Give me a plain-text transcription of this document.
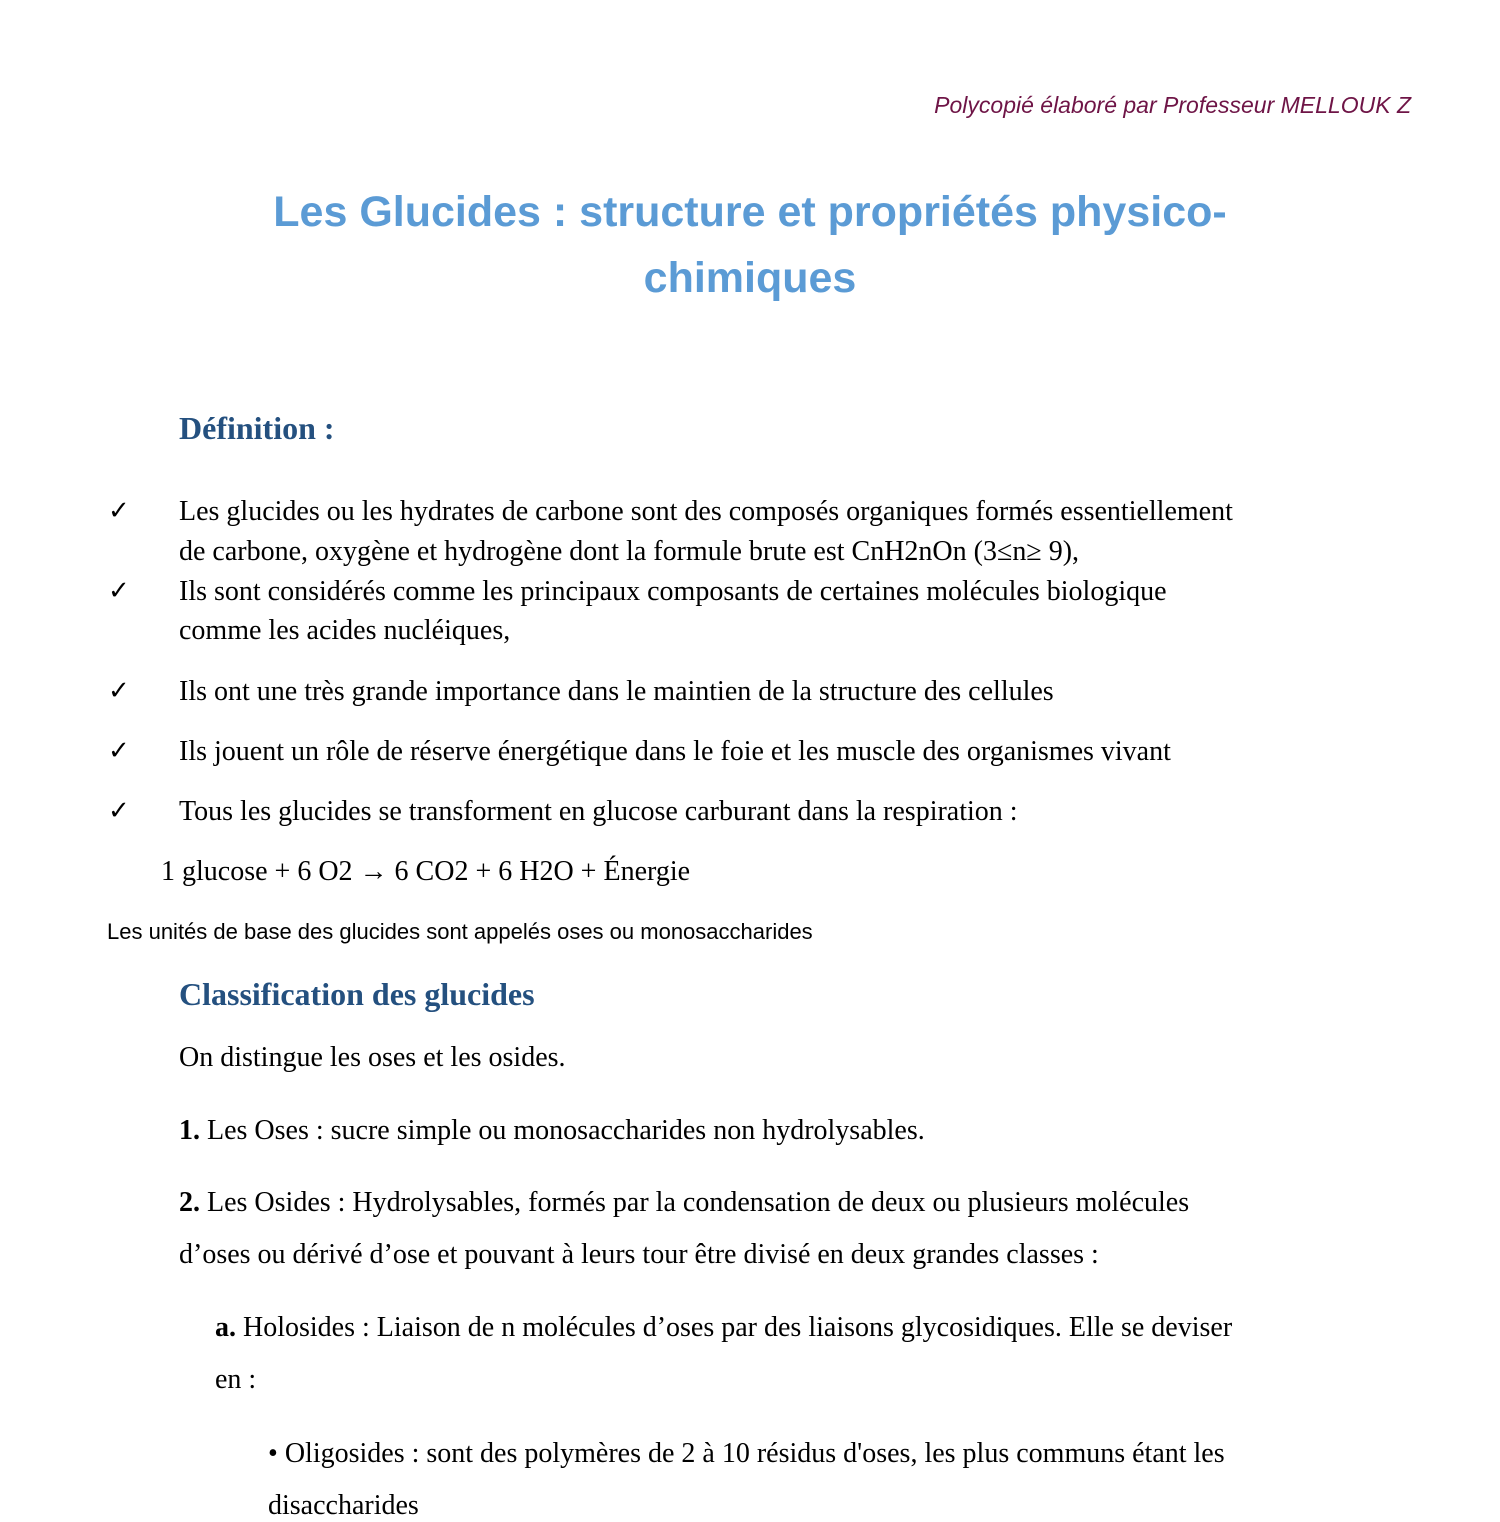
Polycopié élaboré par Professeur MELLOUK Z
Les Glucides : structure et propriétés physico-
chimiques
Définition :
✓ Les glucides ou les hydrates de carbone sont des composés organiques formés essentiellement
de carbone, oxygène et hydrogène dont la formule brute est CnH2nOn (3≤n≥ 9),
✓ Ils sont considérés comme les principaux composants de certaines molécules biologique
comme les acides nucléiques,
✓ Ils ont une très grande importance dans le maintien de la structure des cellules
✓ Ils jouent un rôle de réserve énergétique dans le foie et les muscle des organismes vivant
✓ Tous les glucides se transforment en glucose carburant dans la respiration :
1 glucose + 6 O2 → 6 CO2 + 6 H2O + Énergie
Les unités de base des glucides sont appelés oses ou monosaccharides
Classification des glucides
On distingue les oses et les osides.
1. Les Oses : sucre simple ou monosaccharides non hydrolysables.
2. Les Osides : Hydrolysables, formés par la condensation de deux ou plusieurs molécules
d’oses ou dérivé d’ose et pouvant à leurs tour être divisé en deux grandes classes :
a. Holosides : Liaison de n molécules d’oses par des liaisons glycosidiques. Elle se deviser
en :
• Oligosides : sont des polymères de 2 à 10 résidus d'oses, les plus communs étant les
disaccharides
